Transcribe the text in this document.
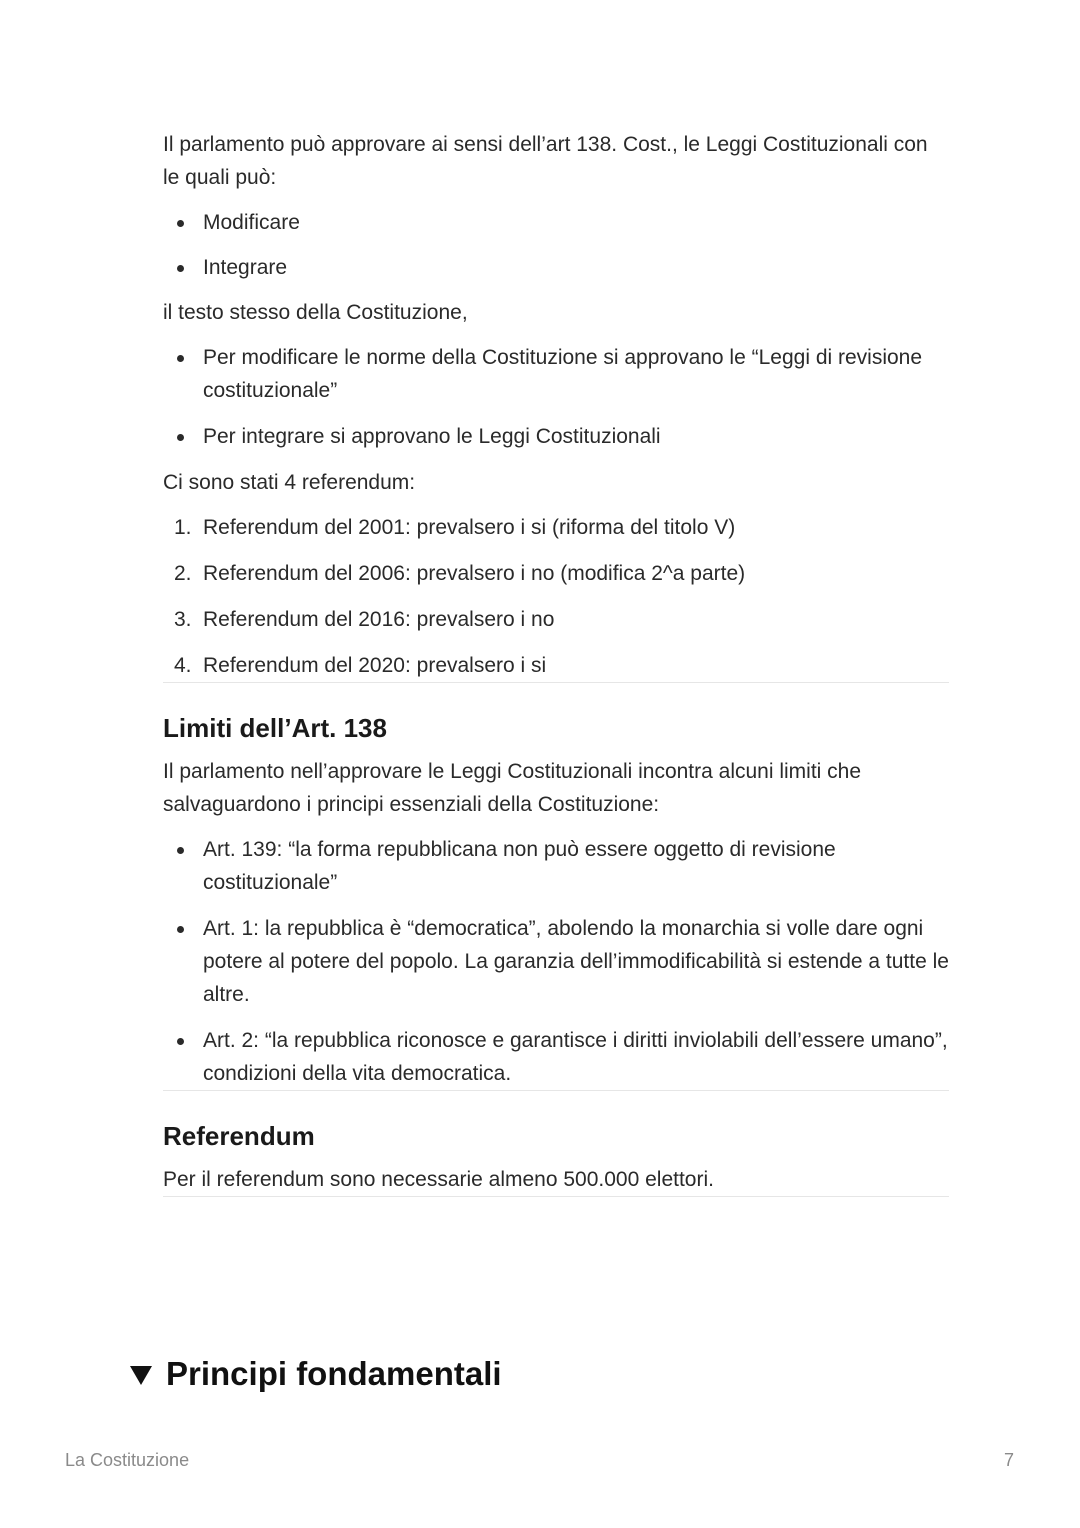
Il parlamento può approvare ai sensi dell’art 138. Cost., le Leggi Costituzionali con le quali può:

Modificare
Integrare

il testo stesso della Costituzione,

Per modificare le norme della Costituzione si approvano le “Leggi di revisione costituzionale”
Per integrare si approvano le Leggi Costituzionali

Ci sono stati 4 referendum:

1. Referendum del 2001: prevalsero i si (riforma del titolo V)
2. Referendum del 2006: prevalsero i no (modifica 2^a parte)
3. Referendum del 2016: prevalsero i no
4. Referendum del 2020: prevalsero i si
Limiti dell’Art. 138

Il parlamento nell’approvare le Leggi Costituzionali incontra alcuni limiti che salvaguardono i principi essenziali della Costituzione:

Art. 139: “la forma repubblicana non può essere oggetto di revisione costituzionale”
Art. 1: la repubblica è “democratica”, abolendo la monarchia si volle dare ogni potere al potere del popolo. La garanzia dell’immodificabilità si estende a tutte le altre.
Art. 2: “la repubblica riconosce e garantisce i diritti inviolabili dell’essere umano”, condizioni della vita democratica.
Referendum

Per il referendum sono necessarie almeno 500.000 elettori.

Principi fondamentali
La Costituzione	7
